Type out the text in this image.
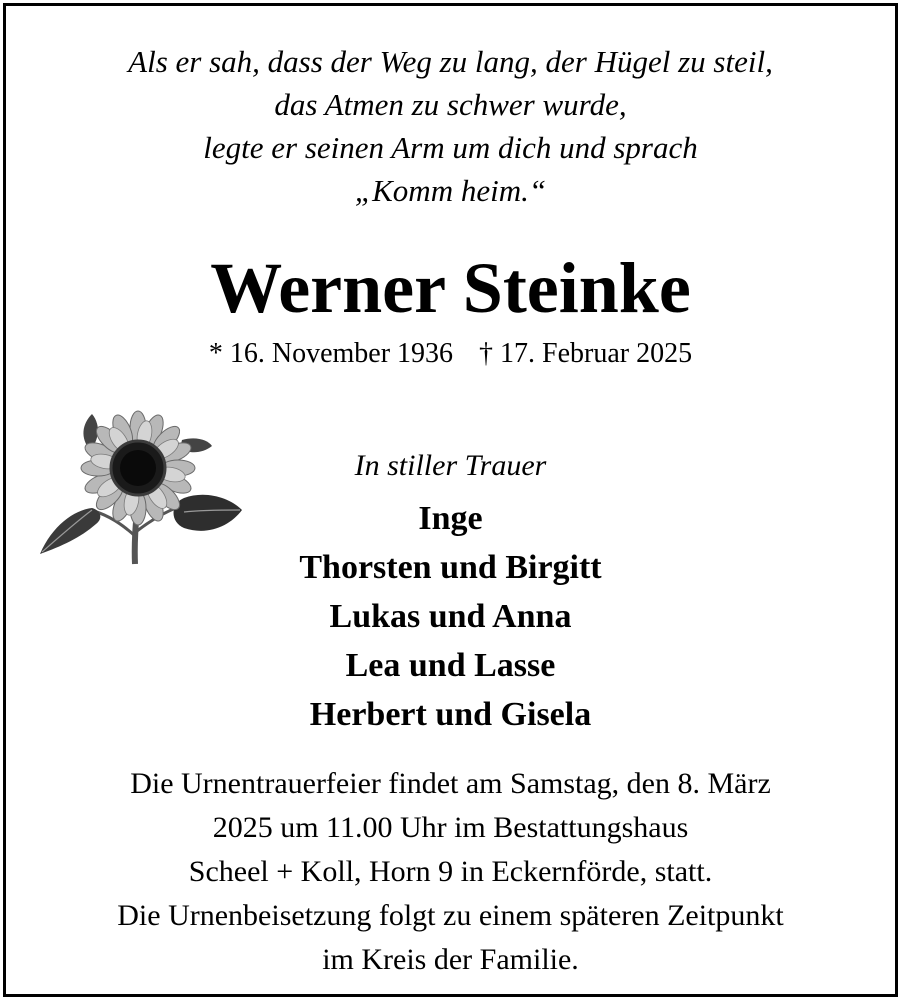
Als er sah, dass der Weg zu lang, der Hügel zu steil,
das Atmen zu schwer wurde,
legte er seinen Arm um dich und sprach
„Komm heim.“
Werner Steinke
* 16. November 1936 † 17. Februar 2025
In stiller Trauer
Inge
Thorsten und Birgitt
Lukas und Anna
Lea und Lasse
Herbert und Gisela
Die Urnentrauerfeier findet am Samstag, den 8. März
2025 um 11.00 Uhr im Bestattungshaus
Scheel + Koll, Horn 9 in Eckernförde, statt.
Die Urnenbeisetzung folgt zu einem späteren Zeitpunkt
im Kreis der Familie.
